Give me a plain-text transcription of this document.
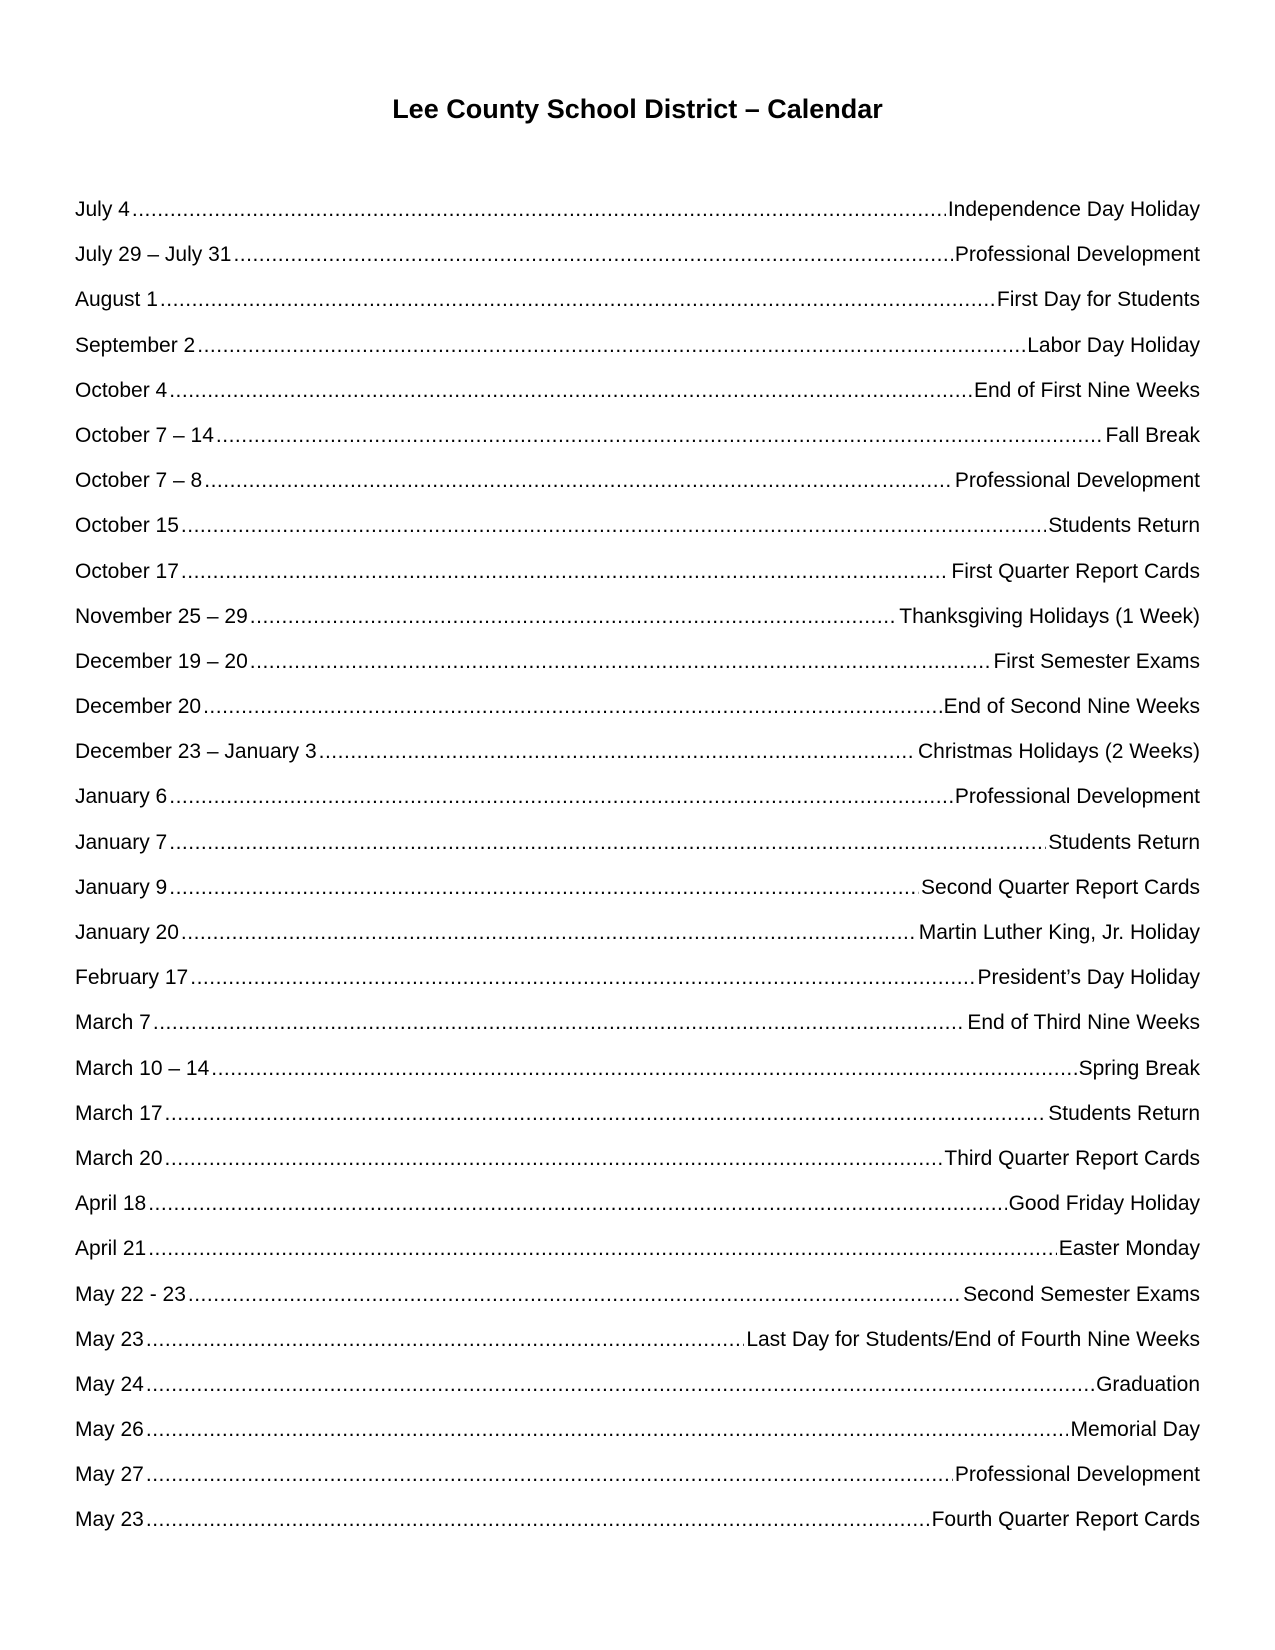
Lee County School District – Calendar
July 4 .....	Independence Day Holiday
July 29 – July 31 .....	Professional Development
August 1 .....	First Day for Students
September 2 .....	Labor Day Holiday
October 4 .....	End of First Nine Weeks
October 7 – 14 .....	Fall Break
October 7 – 8 .....	Professional Development
October 15 .....	Students Return
October 17 .....	First Quarter Report Cards
November 25 – 29 .....	Thanksgiving Holidays (1 Week)
December 19 – 20 .....	First Semester Exams
December 20 .....	End of Second Nine Weeks
December 23 – January 3 .....	Christmas Holidays (2 Weeks)
January 6 .....	Professional Development
January 7 .....	Students Return
January 9 .....	Second Quarter Report Cards
January 20 .....	Martin Luther King, Jr. Holiday
February 17 .....	President’s Day Holiday
March 7 .....	End of Third Nine Weeks
March 10 – 14 .....	Spring Break
March 17 .....	Students Return
March 20 .....	Third Quarter Report Cards
April 18 .....	Good Friday Holiday
April 21 .....	Easter Monday
May 22 - 23 .....	Second Semester Exams
May 23 .....	Last Day for Students/End of Fourth Nine Weeks
May 24 .....	Graduation
May 26 .....	Memorial Day
May 27 .....	Professional Development
May 23 .....	Fourth Quarter Report Cards
